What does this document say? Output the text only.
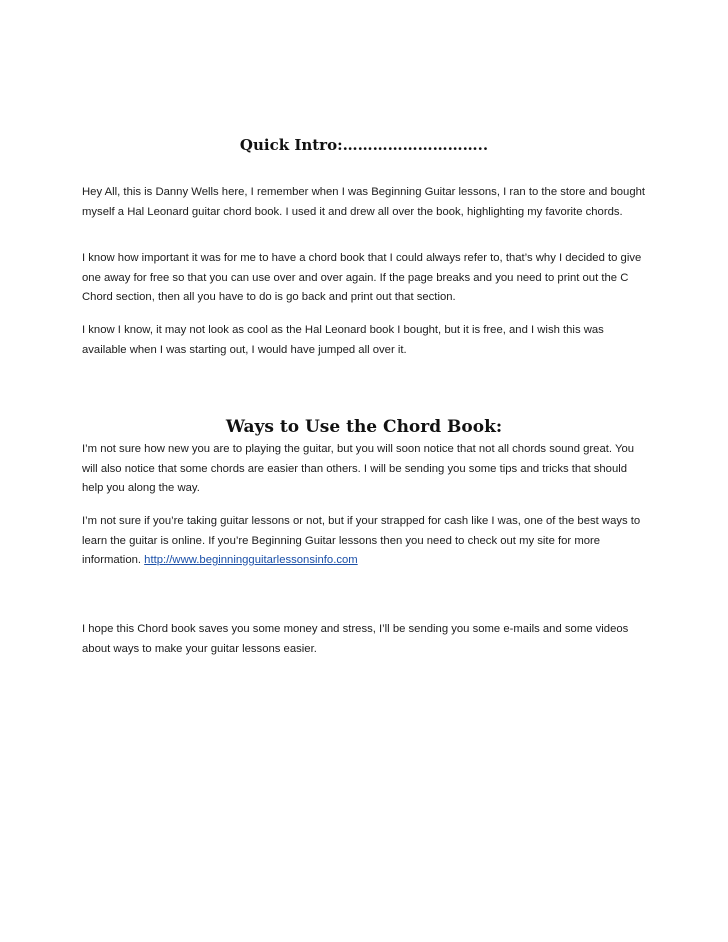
Quick Intro:………………………..

Hey All, this is Danny Wells here, I remember when I was Beginning Guitar lessons, I ran to the store and bought myself a Hal Leonard guitar chord book. I used it and drew all over the book, highlighting my favorite chords.

I know how important it was for me to have a chord book that I could always refer to, that’s why I decided to give one away for free so that you can use over and over again. If the page breaks and you need to print out the C Chord section, then all you have to do is go back and print out that section.

I know I know, it may not look as cool as the Hal Leonard book I bought, but it is free, and I wish this was available when I was starting out, I would have jumped all over it.

Ways to Use the Chord Book:

I’m not sure how new you are to playing the guitar, but you will soon notice that not all chords sound great. You will also notice that some chords are easier than others. I will be sending you some tips and tricks that should help you along the way.

I’m not sure if you’re taking guitar lessons or not, but if your strapped for cash like I was, one of the best ways to learn the guitar is online. If you’re Beginning Guitar lessons then you need to check out my site for more information. http://www.beginningguitarlessonsinfo.com

I hope this Chord book saves you some money and stress, I’ll be sending you some e-mails and some videos about ways to make your guitar lessons easier.
